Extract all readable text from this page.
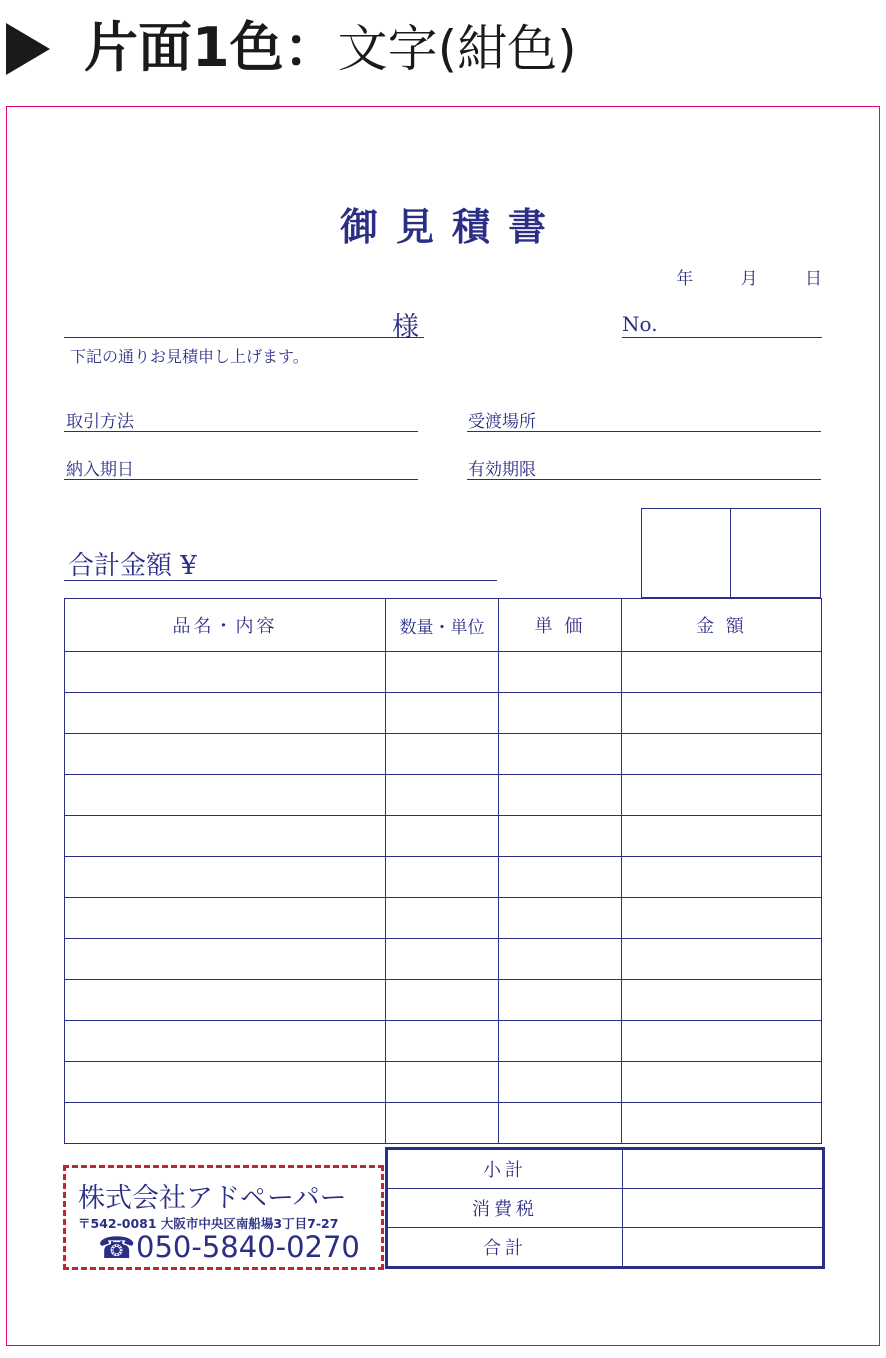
片面1色：文字(紺色)
御見積書
年	月	日
様	No.
下記の通りお見積申し上げます。
取引方法	受渡場所
納入期日	有効期限
合計金額 ¥
品名・内容	数量・単位	単 価	金 額

小計	
消費税	
合計	
株式会社アドペーパー
〒542-0081 大阪市中央区南船場3丁目7-27
☎ 050-5840-0270
